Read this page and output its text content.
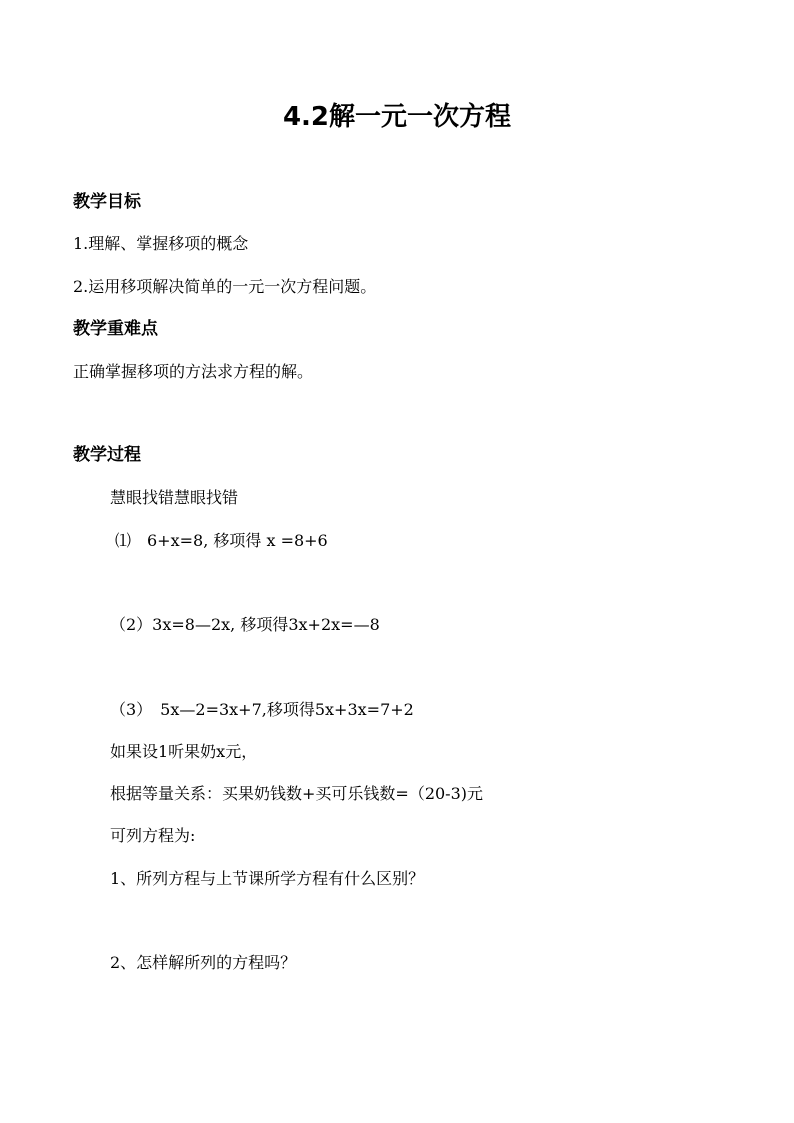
4.2解一元一次方程
教学目标
1.理解、掌握移项的概念
2.运用移项解决简单的一元一次方程问题。
教学重难点
正确掌握移项的方法求方程的解。
教学过程
慧眼找错慧眼找错
⑴　6+x=8, 移项得 x =8+6
（2）3x=8—2x, 移项得3x+2x=—8
（3）　5x—2=3x+7,移项得5x+3x=7+2
如果设1听果奶x元，
根据等量关系：买果奶钱数+买可乐钱数=（20-3)元
可列方程为:
1、所列方程与上节课所学方程有什么区别？
2、怎样解所列的方程吗？
